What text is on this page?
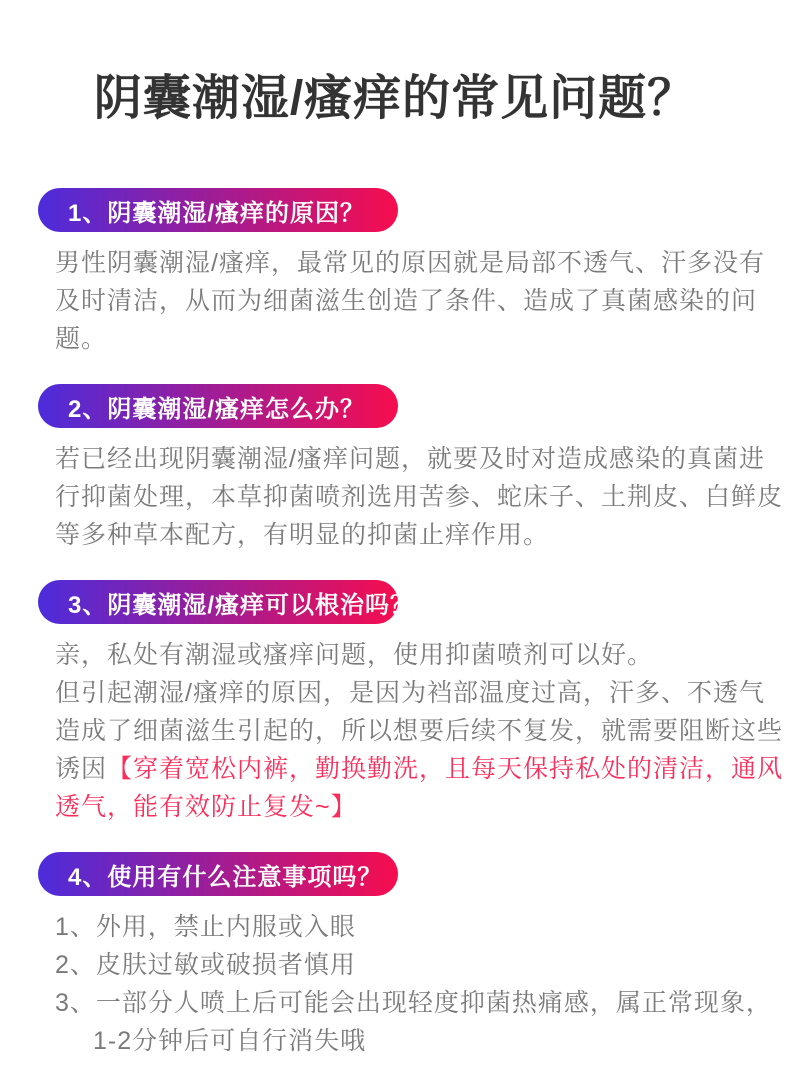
阴囊潮湿/瘙痒的常见问题？
1、阴囊潮湿/瘙痒的原因？

男性阴囊潮湿/瘙痒，最常见的原因就是局部不透气、汗多没有及时清洁，从而为细菌滋生创造了条件、造成了真菌感染的问题。

2、阴囊潮湿/瘙痒怎么办？

若已经出现阴囊潮湿/瘙痒问题，就要及时对造成感染的真菌进行抑菌处理，本草抑菌喷剂选用苦参、蛇床子、土荆皮、白鲜皮等多种草本配方，有明显的抑菌止痒作用。

3、阴囊潮湿/瘙痒可以根治吗？

亲，私处有潮湿或瘙痒问题，使用抑菌喷剂可以好。

但引起潮湿/瘙痒的原因，是因为裆部温度过高，汗多、不透气造成了细菌滋生引起的，所以想要后续不复发，就需要阻断这些诱因【穿着宽松内裤，勤换勤洗，且每天保持私处的清洁，通风透气，能有效防止复发~】

4、使用有什么注意事项吗？

1、外用，禁止内服或入眼

2、皮肤过敏或破损者慎用

3、一部分人喷上后可能会出现轻度抑菌热痛感，属正常现象，1-2分钟后可自行消失哦
